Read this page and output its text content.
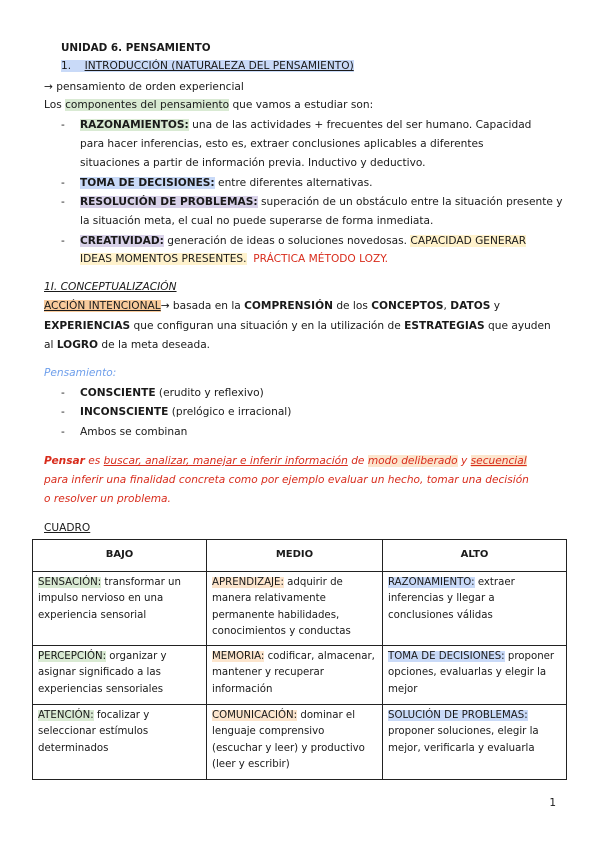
UNIDAD 6. PENSAMIENTO
1. INTRODUCCIÓN (NATURALEZA DEL PENSAMIENTO)
→ pensamiento de orden experiencial
Los componentes del pensamiento que vamos a estudiar son:
- RAZONAMIENTOS: una de las actividades + frecuentes del ser humano. Capacidad
para hacer inferencias, esto es, extraer conclusiones aplicables a diferentes
situaciones a partir de información previa. Inductivo y deductivo.
- TOMA DE DECISIONES: entre diferentes alternativas.
- RESOLUCIÓN DE PROBLEMAS: superación de un obstáculo entre la situación presente y
la situación meta, el cual no puede superarse de forma inmediata.
- CREATIVIDAD: generación de ideas o soluciones novedosas. CAPACIDAD GENERAR
IDEAS MOMENTOS PRESENTES. PRÁCTICA MÉTODO LOZY.
1I. CONCEPTUALIZACIÓN
ACCIÓN INTENCIONAL→ basada en la COMPRENSIÓN de los CONCEPTOS, DATOS y
EXPERIENCIAS que configuran una situación y en la utilización de ESTRATEGIAS que ayuden
al LOGRO de la meta deseada.
Pensamiento:
- CONSCIENTE (erudito y reflexivo)
- INCONSCIENTE (prelógico e irracional)
- Ambos se combinan
Pensar es buscar, analizar, manejar e inferir información de modo deliberado y secuencial
para inferir una finalidad concreta como por ejemplo evaluar un hecho, tomar una decisión
o resolver un problema.
CUADRO
BAJO	MEDIO	ALTO
SENSACIÓN: transformar un impulso nervioso en una experiencia sensorial	APRENDIZAJE: adquirir de manera relativamente permanente habilidades, conocimientos y conductas	RAZONAMIENTO: extraer inferencias y llegar a conclusiones válidas
PERCEPCIÓN: organizar y asignar significado a las experiencias sensoriales	MEMORIA: codificar, almacenar, mantener y recuperar información	TOMA DE DECISIONES: proponer opciones, evaluarlas y elegir la mejor
ATENCIÓN: focalizar y seleccionar estímulos determinados	COMUNICACIÓN: dominar el lenguaje comprensivo (escuchar y leer) y productivo (leer y escribir)	SOLUCIÓN DE PROBLEMAS: proponer soluciones, elegir la mejor, verificarla y evaluarla
1
